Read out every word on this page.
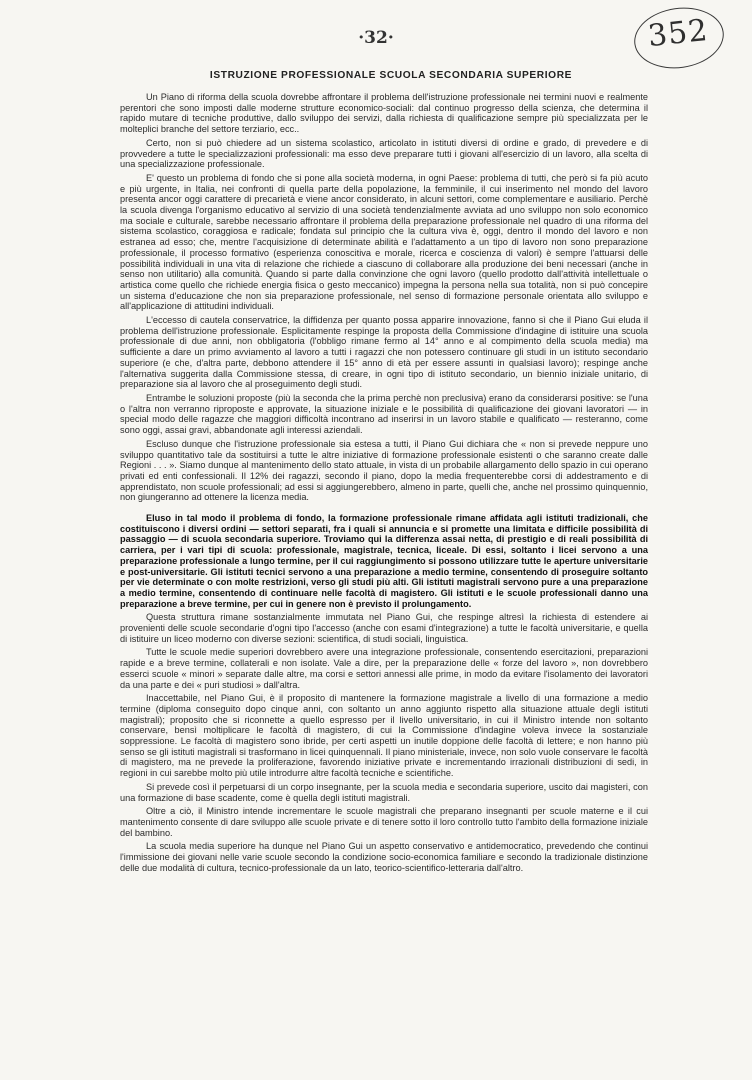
352
·32·
ISTRUZIONE PROFESSIONALE SCUOLA SECONDARIA SUPERIORE

Un Piano di riforma della scuola dovrebbe affrontare il problema dell'istruzione professionale nei termini nuovi e realmente perentori che sono imposti dalle moderne strutture economico-sociali: dal continuo progresso della scienza, che determina il rapido mutare di tecniche produttive, dallo sviluppo dei servizi, dalla richiesta di qualificazione sempre più specializzata per le molteplici branche del settore terziario, ecc..

Certo, non si può chiedere ad un sistema scolastico, articolato in istituti diversi di ordine e grado, di prevedere e di provvedere a tutte le specializzazioni professionali: ma esso deve preparare tutti i giovani all'esercizio di un lavoro, alla scelta di una specializzazione professionale.

E' questo un problema di fondo che si pone alla società moderna, in ogni Paese: problema di tutti, che però si fa più acuto e più urgente, in Italia, nei confronti di quella parte della popolazione, la femminile, il cui inserimento nel mondo del lavoro presenta ancor oggi carattere di precarietà e viene ancor considerato, in alcuni settori, come complementare e ausiliario. Perchè la scuola divenga l'organismo educativo al servizio di una società tendenzialmente avviata ad uno sviluppo non solo economico ma sociale e culturale, sarebbe necessario affrontare il problema della preparazione professionale nel quadro di una riforma del sistema scolastico, coraggiosa e radicale; fondata sul principio che la cultura viva è, oggi, dentro il mondo del lavoro e non estranea ad esso; che, mentre l'acquisizione di determinate abilità e l'adattamento a un tipo di lavoro non sono preparazione professionale, il processo formativo (esperienza conoscitiva e morale, ricerca e coscienza di valori) è sempre l'attuarsi delle possibilità individuali in una vita di relazione che richiede a ciascuno di collaborare alla produzione dei beni necessari (anche in senso non utilitario) alla comunità. Quando si parte dalla convinzione che ogni lavoro (quello prodotto dall'attività intellettuale o artistica come quello che richiede energia fisica o gesto meccanico) impegna la persona nella sua totalità, non si può concepire un sistema d'educazione che non sia preparazione professionale, nel senso di formazione personale orientata allo sviluppo e all'applicazione di attitudini individuali.

L'eccesso di cautela conservatrice, la diffidenza per quanto possa apparire innovazione, fanno sì che il Piano Gui eluda il problema dell'istruzione professionale. Esplicitamente respinge la proposta della Commissione d'indagine di istituire una scuola professionale di due anni, non obbligatoria (l'obbligo rimane fermo al 14° anno e al compimento della scuola media) ma sufficiente a dare un primo avviamento al lavoro a tutti i ragazzi che non potessero continuare gli studi in un istituto secondario superiore (e che, d'altra parte, debbono attendere il 15° anno di età per essere assunti in qualsiasi lavoro); respinge anche l'alternativa suggerita dalla Commissione stessa, di creare, in ogni tipo di istituto secondario, un biennio iniziale unitario, di preparazione sia al lavoro che al proseguimento degli studi.

Entrambe le soluzioni proposte (più la seconda che la prima perchè non preclusiva) erano da considerarsi positive: se l'una o l'altra non verranno riproposte e approvate, la situazione iniziale e le possibilità di qualificazione dei giovani lavoratori — in special modo delle ragazze che maggiori difficoltà incontrano ad inserirsi in un lavoro stabile e qualificato — resteranno, come sono oggi, assai gravi, abbandonate agli interessi aziendali.

Escluso dunque che l'istruzione professionale sia estesa a tutti, il Piano Gui dichiara che « non si prevede neppure uno sviluppo quantitativo tale da sostituirsi a tutte le altre iniziative di formazione professionale esistenti o che saranno create dalle Regioni . . . ». Siamo dunque al mantenimento dello stato attuale, in vista di un probabile allargamento dello spazio in cui operano privati ed enti confessionali. Il 12% dei ragazzi, secondo il piano, dopo la media frequenterebbe corsi di addestramento e di apprendistato, non scuole professionali; ad essi si aggiungerebbero, almeno in parte, quelli che, anche nel prossimo quinquennio, non giungeranno ad ottenere la licenza media.

Eluso in tal modo il problema di fondo, la formazione professionale rimane affidata agli istituti tradizionali, che costituiscono i diversi ordini — settori separati, fra i quali si annuncia e si promette una limitata e difficile possibilità di passaggio — di scuola secondaria superiore. Troviamo qui la differenza assai netta, di prestigio e di reali possibilità di carriera, per i vari tipi di scuola: professionale, magistrale, tecnica, liceale. Di essi, soltanto i licei servono a una preparazione professionale a lungo termine, per il cui raggiungimento si possono utilizzare tutte le aperture universitarie e post-universitarie. Gli istituti tecnici servono a una preparazione a medio termine, consentendo di proseguire soltanto per vie determinate o con molte restrizioni, verso gli studi più alti. Gli istituti magistrali servono pure a una preparazione a medio termine, consentendo di continuare nelle facoltà di magistero. Gli istituti e le scuole professionali danno una preparazione a breve termine, per cui in genere non è previsto il prolungamento.

Questa struttura rimane sostanzialmente immutata nel Piano Gui, che respinge altresì la richiesta di estendere ai provenienti delle scuole secondarie d'ogni tipo l'accesso (anche con esami d'integrazione) a tutte le facoltà universitarie, e quella di istituire un liceo moderno con diverse sezioni: scientifica, di studi sociali, linguistica.

Tutte le scuole medie superiori dovrebbero avere una integrazione professionale, consentendo esercitazioni, preparazioni rapide e a breve termine, collaterali e non isolate. Vale a dire, per la preparazione delle « forze del lavoro », non dovrebbero esserci scuole « minori » separate dalle altre, ma corsi e settori annessi alle prime, in modo da evitare l'isolamento dei lavoratori da una parte e dei « puri studiosi » dall'altra.

Inaccettabile, nel Piano Gui, è il proposito di mantenere la formazione magistrale a livello di una formazione a medio termine (diploma conseguito dopo cinque anni, con soltanto un anno aggiunto rispetto alla situazione attuale degli istituti magistrali); proposito che si riconnette a quello espresso per il livello universitario, in cui il Ministro intende non soltanto conservare, bensì moltiplicare le facoltà di magistero, di cui la Commissione d'indagine voleva invece la sostanziale soppressione. Le facoltà di magistero sono ibride, per certi aspetti un inutile doppione delle facoltà di lettere; e non hanno più senso se gli istituti magistrali si trasformano in licei quinquennali. Il piano ministeriale, invece, non solo vuole conservare le facoltà di magistero, ma ne prevede la proliferazione, favorendo iniziative private e incrementando irrazionali distribuzioni di sedi, in regioni in cui sarebbe molto più utile introdurre altre facoltà tecniche e scientifiche.

Si prevede così il perpetuarsi di un corpo insegnante, per la scuola media e secondaria superiore, uscito dai magisteri, con una formazione di base scadente, come è quella degli istituti magistrali.

Oltre a ciò, il Ministro intende incrementare le scuole magistrali che preparano insegnanti per scuole materne e il cui mantenimento consente di dare sviluppo alle scuole private e di tenere sotto il loro controllo tutto l'ambito della formazione iniziale del bambino.

La scuola media superiore ha dunque nel Piano Gui un aspetto conservativo e antidemocratico, prevedendo che continui l'immissione dei giovani nelle varie scuole secondo la condizione socio-economica familiare e secondo la tradizionale distinzione delle due modalità di cultura, tecnico-professionale da un lato, teorico-scientifico-letteraria dall'altro.
